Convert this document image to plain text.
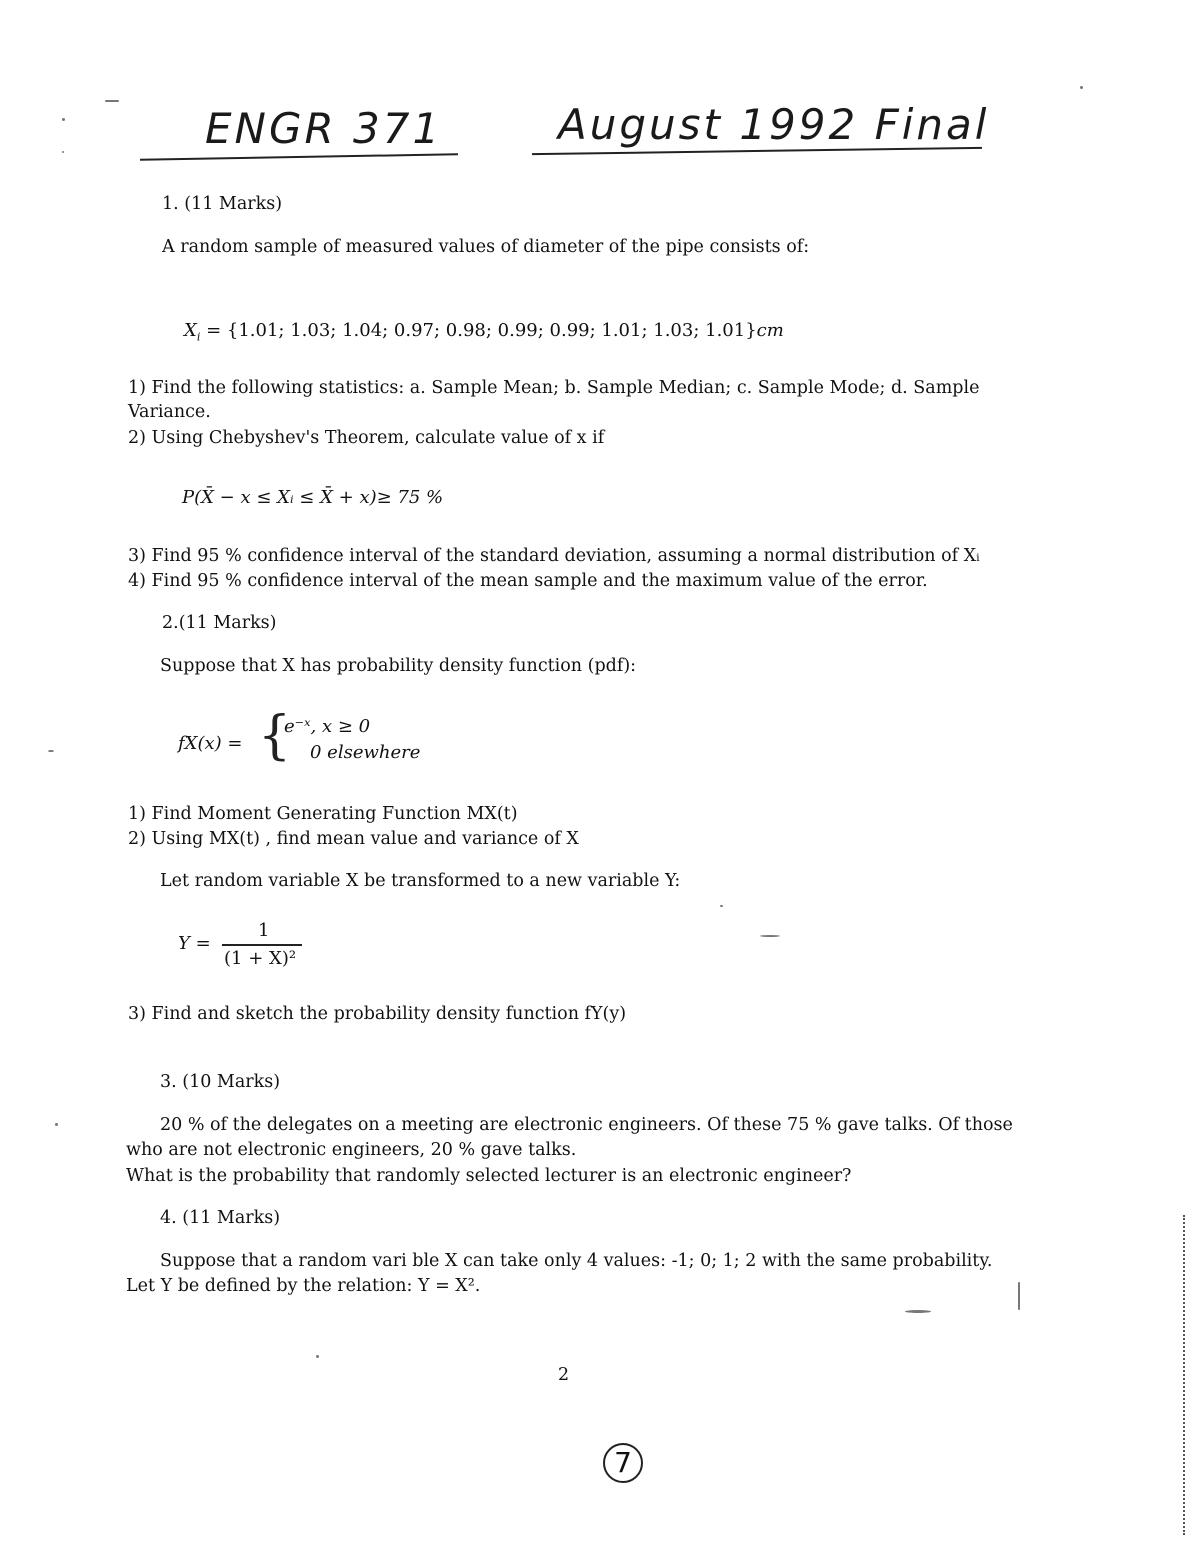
ENGR 371	August 1992 Final
1. (11 Marks)
A random sample of measured values of diameter of the pipe consists of:
$X_i = \{1.01$; 1.03; 1.04; 0.97; 0.98; 0.99; 0.99; 1.01; 1.03; 1.01}cm
1) Find the following statistics: a. Sample Mean; b. Sample Median; c. Sample Mode; d. Sample
Variance.
2) Using Chebyshev's Theorem, calculate value of x if
P(X̄ − x ≤ Xᵢ ≤ X̄ + x)≥ 75 %
3) Find 95 % confidence interval of the standard deviation, assuming a normal distribution of Xᵢ
4) Find 95 % confidence interval of the mean sample and the maximum value of the error.
2.(11 Marks)
Suppose that X has probability density function (pdf):
fX(x) = {
e⁻ˣ, x ≥ 0
0 elsewhere
1) Find Moment Generating Function MX(t)
2) Using MX(t) , find mean value and variance of X
Let random variable X be transformed to a new variable Y:
Y =
1
(1 + X)²
3) Find and sketch the probability density function fY(y)
3. (10 Marks)
20 % of the delegates on a meeting are electronic engineers. Of these 75 % gave talks. Of those
who are not electronic engineers, 20 % gave talks.
What is the probability that randomly selected lecturer is an electronic engineer?
4. (11 Marks)
Suppose that a random vari ble X can take only 4 values: -1; 0; 1; 2 with the same probability.
Let Y be defined by the relation: Y = X².
2
7
